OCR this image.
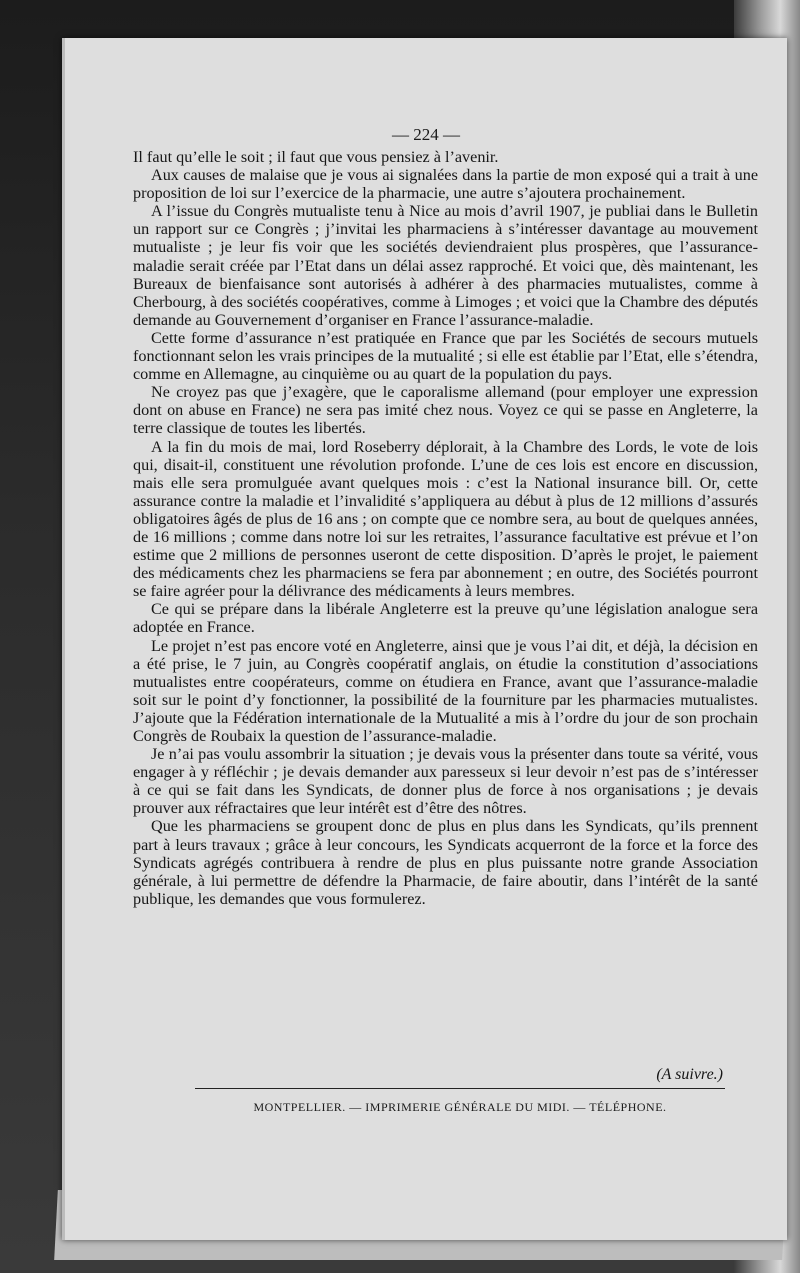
— 224 —

Il faut qu’elle le soit ; il faut que vous pensiez à l’avenir.

Aux causes de malaise que je vous ai signalées dans la partie de mon exposé qui a trait à une proposition de loi sur l’exercice de la pharmacie, une autre s’ajoutera prochainement.

A l’issue du Congrès mutualiste tenu à Nice au mois d’avril 1907, je publiai dans le Bulletin un rapport sur ce Congrès ; j’invitai les pharmaciens à s’intéresser davantage au mouvement mutualiste ; je leur fis voir que les sociétés deviendraient plus prospères, que l’assurance-maladie serait créée par l’Etat dans un délai assez rapproché. Et voici que, dès maintenant, les Bureaux de bienfaisance sont autorisés à adhérer à des pharmacies mutualistes, comme à Cherbourg, à des sociétés coopératives, comme à Limoges ; et voici que la Chambre des députés demande au Gouvernement d’organiser en France l’assurance-maladie.

Cette forme d’assurance n’est pratiquée en France que par les Sociétés de secours mutuels fonctionnant selon les vrais principes de la mutualité ; si elle est établie par l’Etat, elle s’étendra, comme en Allemagne, au cinquième ou au quart de la population du pays.

Ne croyez pas que j’exagère, que le caporalisme allemand (pour employer une expression dont on abuse en France) ne sera pas imité chez nous. Voyez ce qui se passe en Angleterre, la terre classique de toutes les libertés.

A la fin du mois de mai, lord Roseberry déplorait, à la Chambre des Lords, le vote de lois qui, disait-il, constituent une révolution profonde. L’une de ces lois est encore en discussion, mais elle sera promulguée avant quelques mois : c’est la National insurance bill. Or, cette assurance contre la maladie et l’invalidité s’appliquera au début à plus de 12 millions d’assurés obligatoires âgés de plus de 16 ans ; on compte que ce nombre sera, au bout de quelques années, de 16 millions ; comme dans notre loi sur les retraites, l’assurance facultative est prévue et l’on estime que 2 millions de personnes useront de cette disposition. D’après le projet, le paiement des médicaments chez les pharmaciens se fera par abonnement ; en outre, des Sociétés pourront se faire agréer pour la délivrance des médicaments à leurs membres.

Ce qui se prépare dans la libérale Angleterre est la preuve qu’une législation analogue sera adoptée en France.

Le projet n’est pas encore voté en Angleterre, ainsi que je vous l’ai dit, et déjà, la décision en a été prise, le 7 juin, au Congrès coopératif anglais, on étudie la constitution d’associations mutualistes entre coopérateurs, comme on étudiera en France, avant que l’assurance-maladie soit sur le point d’y fonctionner, la possibilité de la fourniture par les pharmacies mutualistes. J’ajoute que la Fédération internationale de la Mutualité a mis à l’ordre du jour de son prochain Congrès de Roubaix la question de l’assurance-maladie.

Je n’ai pas voulu assombrir la situation ; je devais vous la présenter dans toute sa vérité, vous engager à y réfléchir ; je devais demander aux paresseux si leur devoir n’est pas de s’intéresser à ce qui se fait dans les Syndicats, de donner plus de force à nos organisations ; je devais prouver aux réfractaires que leur intérêt est d’être des nôtres.

Que les pharmaciens se groupent donc de plus en plus dans les Syndicats, qu’ils prennent part à leurs travaux ; grâce à leur concours, les Syndicats acquerront de la force et la force des Syndicats agrégés contribuera à rendre de plus en plus puissante notre grande Association générale, à lui permettre de défendre la Pharmacie, de faire aboutir, dans l’intérêt de la santé publique, les demandes que vous formulerez.

(A suivre.)
MONTPELLIER. — IMPRIMERIE GÉNÉRALE DU MIDI. — TÉLÉPHONE.
